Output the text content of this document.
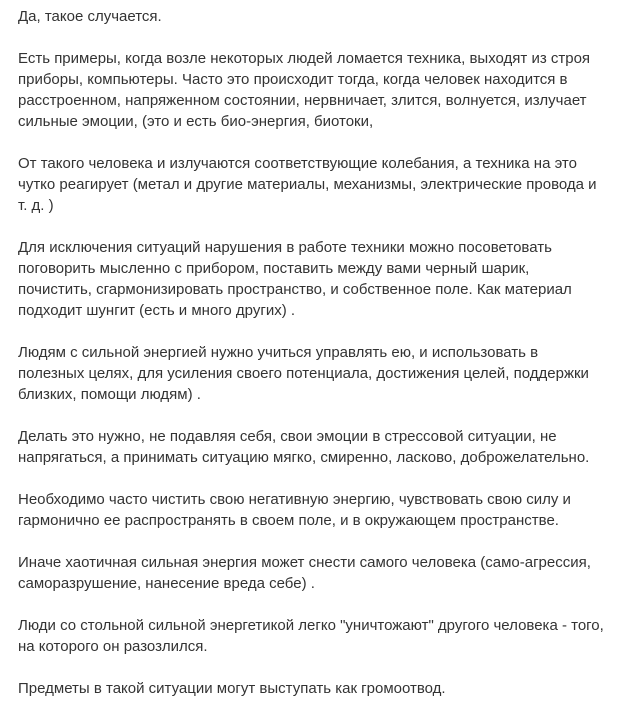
Да, такое случается.

Есть примеры, когда возле некоторых людей ломается техника, выходят из строя
приборы, компьютеры. Часто это происходит тогда, когда человек находится в
расстроенном, напряженном состоянии, нервничает, злится, волнуется, излучает
сильные эмоции, (это и есть био-энергия, биотоки,

От такого человека и излучаются соответствующие колебания, а техника на это
чутко реагирует (метал и другие материалы, механизмы, электрические провода и
т. д. )

Для исключения ситуаций нарушения в работе техники можно посоветовать
поговорить мысленно с прибором, поставить между вами черный шарик,
почистить, сгармонизировать пространство, и собственное поле. Как материал
подходит шунгит (есть и много других) .

Людям с сильной энергией нужно учиться управлять ею, и использовать в
полезных целях, для усиления своего потенциала, достижения целей, поддержки
близких, помощи людям) .

Делать это нужно, не подавляя себя, свои эмоции в стрессовой ситуации, не
напрягаться, а принимать ситуацию мягко, смиренно, ласково, доброжелательно.

Необходимо часто чистить свою негативную энергию, чувствовать свою силу и
гармонично ее распространять в своем поле, и в окружающем пространстве.

Иначе хаотичная сильная энергия может снести самого человека (само-агрессия,
саморазрушение, нанесение вреда себе) .

Люди со стольной сильной энергетикой легко "уничтожают" другого человека - того,
на которого он разозлился.

Предметы в такой ситуации могут выступать как громоотвод.
